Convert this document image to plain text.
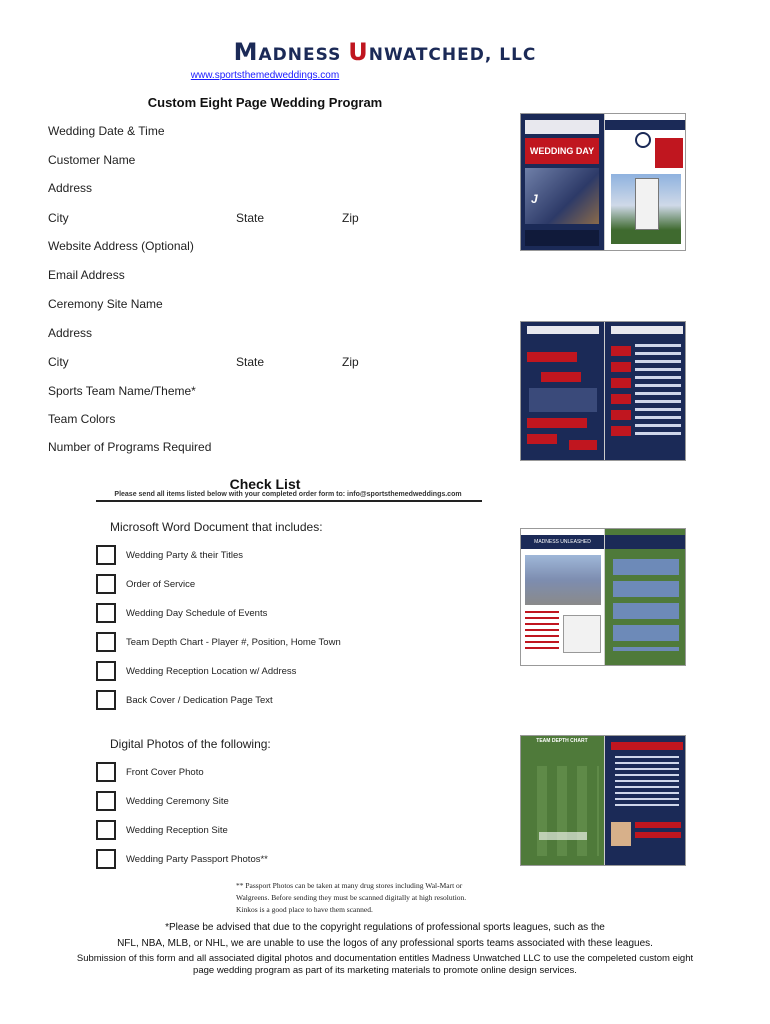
MADNESS UNWATCHED, LLC
www.sportsthemedweddings.com
Custom Eight Page Wedding Program
Wedding Date & Time
Customer Name
Address
City	State	Zip
Website Address (Optional)
Email Address
Ceremony Site Name
Address
City	State	Zip
Sports Team Name/Theme*
Team Colors
Number of Programs Required
Check List
Please send all items listed below with your completed order form to: info@sportsthemedweddings.com
Microsoft Word Document that includes:
Wedding Party & their Titles
Order of Service
Wedding Day Schedule of Events
Team Depth Chart - Player #, Position, Home Town
Wedding Reception Location w/ Address
Back Cover / Dedication Page Text
Digital Photos of the following:
Front Cover Photo
Wedding Ceremony Site
Wedding Reception Site
Wedding Party Passport Photos**
** Passport Photos can be taken at many drug stores including Wal-Mart or Walgreens. Before sending they must be scanned digitally at high resolution. Kinkos is a good place to have them scanned.
*Please be advised that due to the copyright regulations of professional sports leagues, such as the
NFL, NBA, MLB, or NHL, we are unable to use the logos of any professional sports teams associated with these leagues.
Submission of this form and all associated digital photos and documentation entitles Madness Unwatched LLC to use the compeleted custom eight
page wedding program as part of its marketing materials to promote online design services.
WEDDING DAY
J
MADNESS UNLEASHED
TEAM DEPTH CHART
